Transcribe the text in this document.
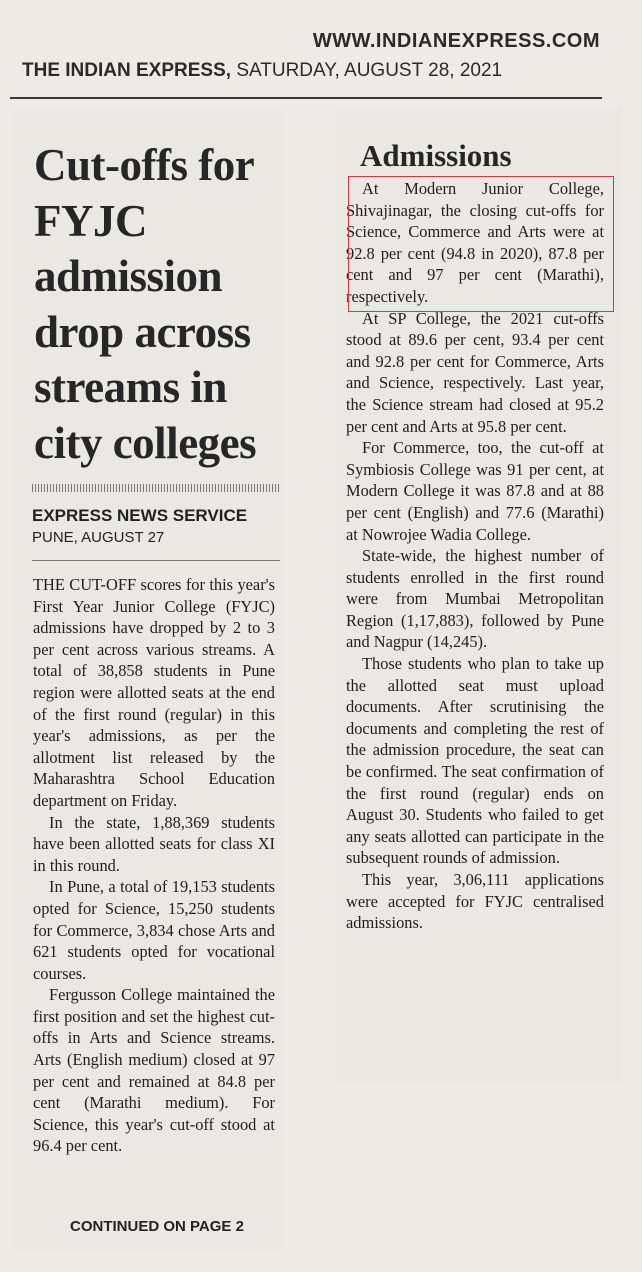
WWW.INDIANEXPRESS.COM
THE INDIAN EXPRESS, SATURDAY, AUGUST 28, 2021
Cut-offs for FYJC admission drop across streams in city colleges
EXPRESS NEWS SERVICE
PUNE, AUGUST 27

THE CUT-OFF scores for this year's First Year Junior College (FYJC) admissions have dropped by 2 to 3 per cent across various streams. A total of 38,858 students in Pune region were allotted seats at the end of the first round (regular) in this year's admissions, as per the allotment list released by the Maharashtra School Education department on Friday.

In the state, 1,88,369 students have been allotted seats for class XI in this round.

In Pune, a total of 19,153 students opted for Science, 15,250 students for Commerce, 3,834 chose Arts and 621 students opted for vocational courses.

Fergusson College maintained the first position and set the highest cut-offs in Arts and Science streams. Arts (English medium) closed at 97 per cent and remained at 84.8 per cent (Marathi medium). For Science, this year's cut-off stood at 96.4 per cent.

CONTINUED ON PAGE 2
Admissions

At Modern Junior College, Shivajinagar, the closing cut-offs for Science, Commerce and Arts were at 92.8 per cent (94.8 in 2020), 87.8 per cent and 97 per cent (Marathi), respectively.

At SP College, the 2021 cut-offs stood at 89.6 per cent, 93.4 per cent and 92.8 per cent for Commerce, Arts and Science, respectively. Last year, the Science stream had closed at 95.2 per cent and Arts at 95.8 per cent.

For Commerce, too, the cut-off at Symbiosis College was 91 per cent, at Modern College it was 87.8 and at 88 per cent (English) and 77.6 (Marathi) at Nowrojee Wadia College.

State-wide, the highest number of students enrolled in the first round were from Mumbai Metropolitan Region (1,17,883), followed by Pune and Nagpur (14,245).

Those students who plan to take up the allotted seat must upload documents. After scrutinising the documents and completing the rest of the admission procedure, the seat can be confirmed. The seat confirmation of the first round (regular) ends on August 30. Students who failed to get any seats allotted can participate in the subsequent rounds of admission.

This year, 3,06,111 applications were accepted for FYJC centralised admissions.
